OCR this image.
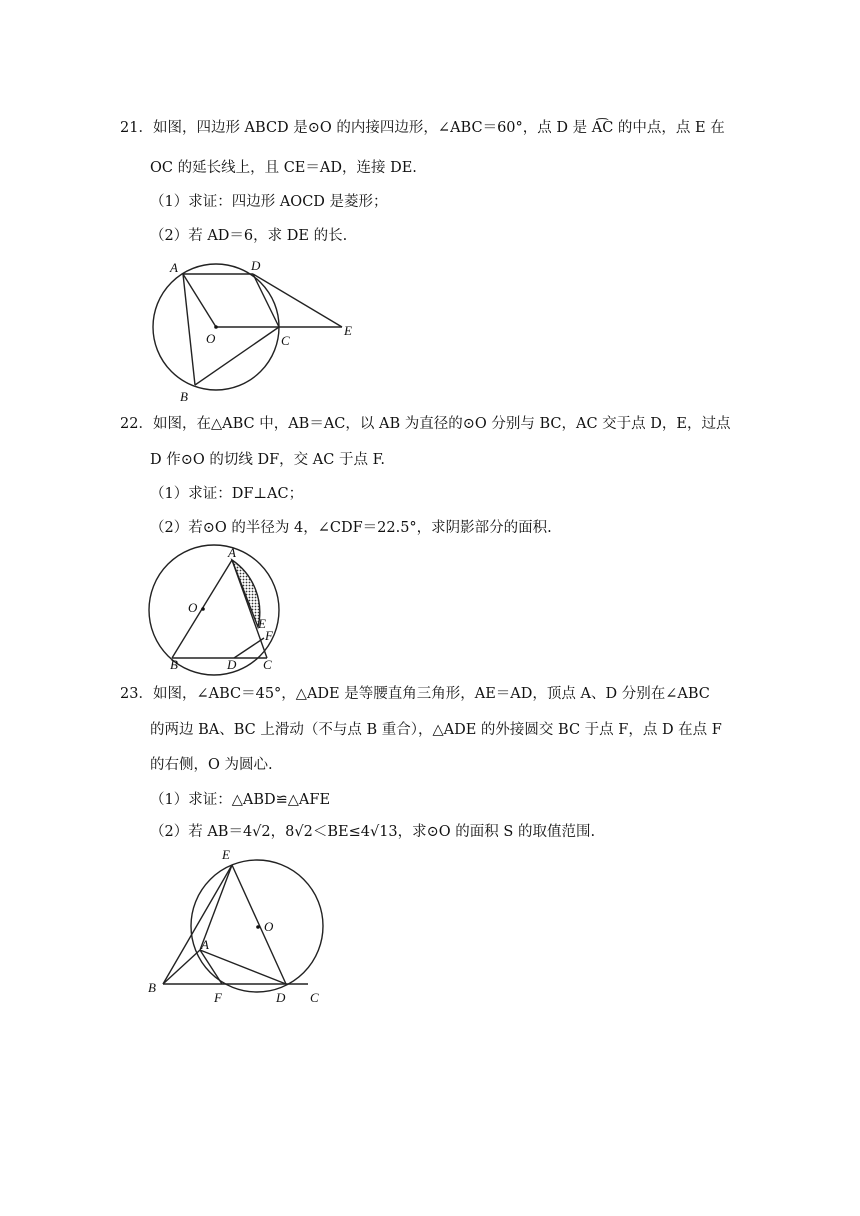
21．如图，四边形 ABCD 是⊙O 的内接四边形，∠ABC＝60°，点 D 是 A͡C 的中点，点 E 在
OC 的延长线上，且 CE＝AD，连接 DE.
（1）求证：四边形 AOCD 是菱形；
（2）若 AD＝6，求 DE 的长.
A	D
O	C
E
B
22．如图，在△ABC 中，AB＝AC，以 AB 为直径的⊙O 分别与 BC，AC 交于点 D，E，过点
D 作⊙O 的切线 DF，交 AC 于点 F.
（1）求证：DF⊥AC；
（2）若⊙O 的半径为 4，∠CDF＝22.5°，求阴影部分的面积.
A
O
E
F
B	D C
23．如图，∠ABC＝45°，△ADE 是等腰直角三角形，AE＝AD，顶点 A、D 分别在∠ABC
的两边 BA、BC 上滑动（不与点 B 重合），△ADE 的外接圆交 BC 于点 F，点 D 在点 F
的右侧，O 为圆心.
（1）求证：△ABD≌△AFE
（2）若 AB＝4√2，8√2＜BE≤4√13，求⊙O 的面积 S 的取值范围.
E
O
A
B
F	D C
